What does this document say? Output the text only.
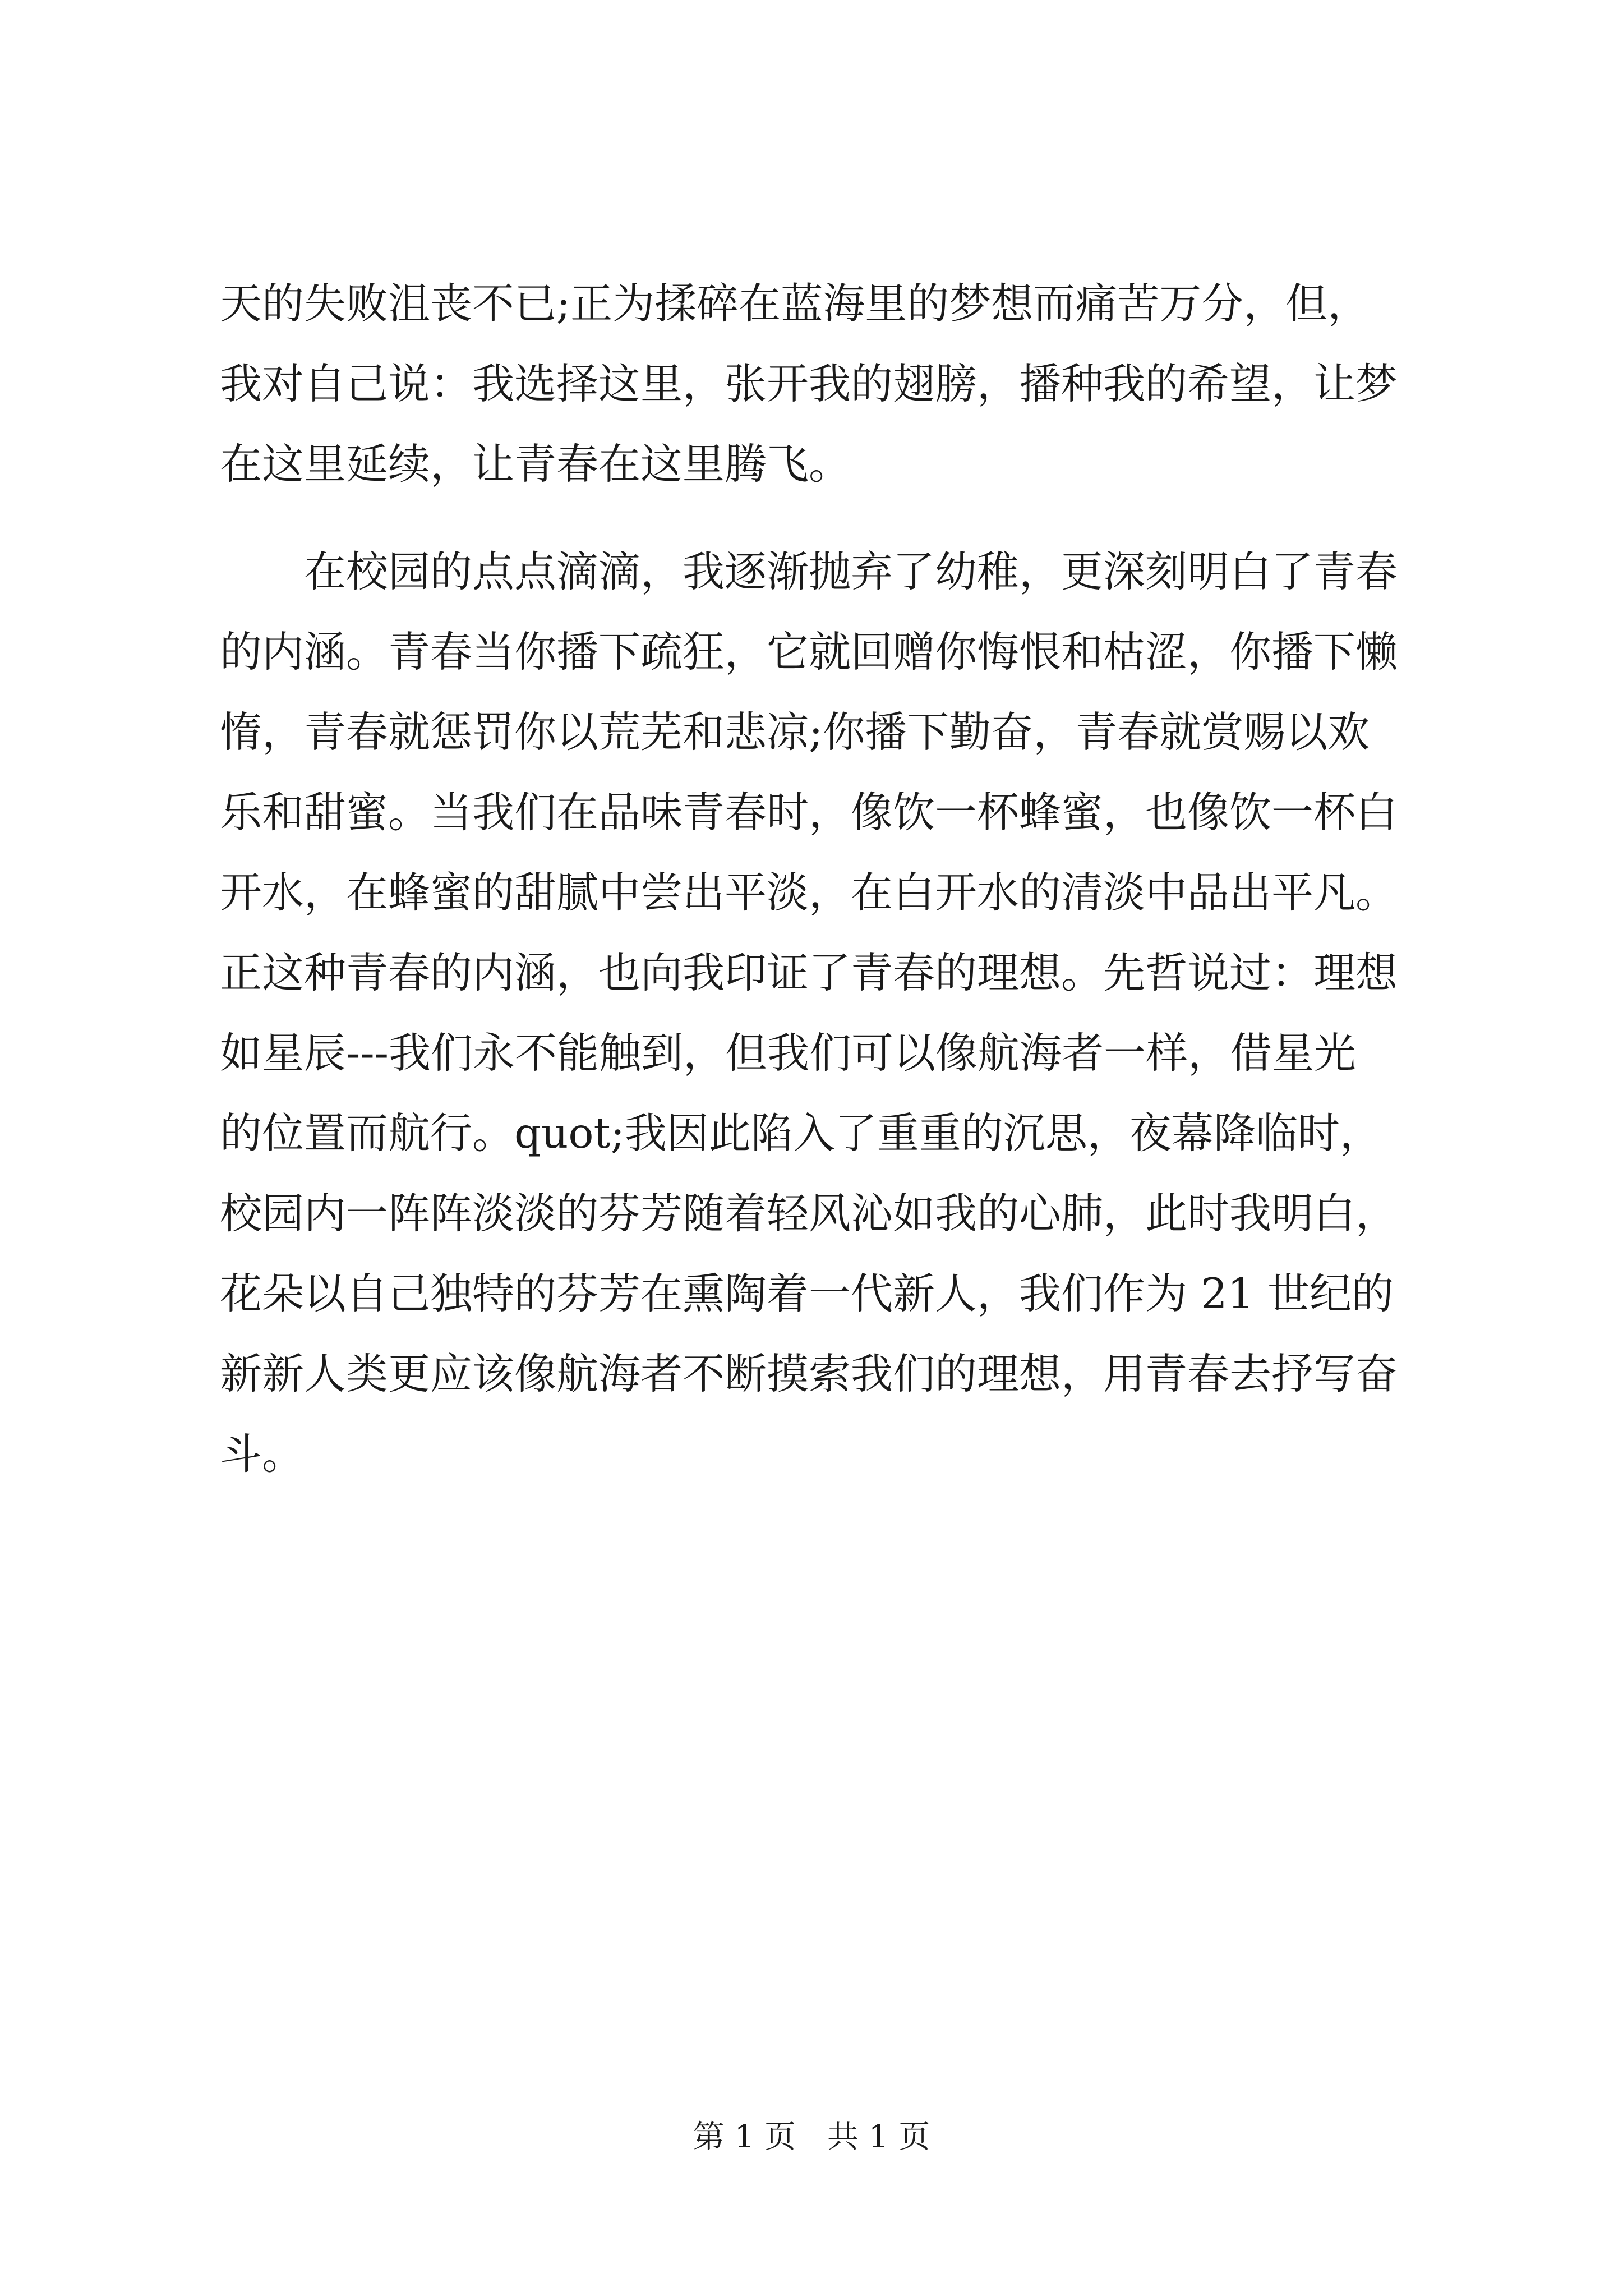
天的失败沮丧不已;正为揉碎在蓝海里的梦想而痛苦万分，但，
我对自己说：我选择这里，张开我的翅膀，播种我的希望，让梦
在这里延续，让青春在这里腾飞。
在校园的点点滴滴，我逐渐抛弃了幼稚，更深刻明白了青春
的内涵。青春当你播下疏狂，它就回赠你悔恨和枯涩，你播下懒
惰，青春就惩罚你以荒芜和悲凉;你播下勤奋，青春就赏赐以欢
乐和甜蜜。当我们在品味青春时，像饮一杯蜂蜜，也像饮一杯白
开水，在蜂蜜的甜腻中尝出平淡，在白开水的清淡中品出平凡。
正这种青春的内涵，也向我印证了青春的理想。先哲说过：理想
如星辰---我们永不能触到，但我们可以像航海者一样，借星光
的位置而航行。quot;我因此陷入了重重的沉思，夜幕降临时，
校园内一阵阵淡淡的芬芳随着轻风沁如我的心肺，此时我明白，
花朵以自己独特的芬芳在熏陶着一代新人，我们作为 21 世纪的
新新人类更应该像航海者不断摸索我们的理想，用青春去抒写奋
斗。
第 1 页 共 1 页
